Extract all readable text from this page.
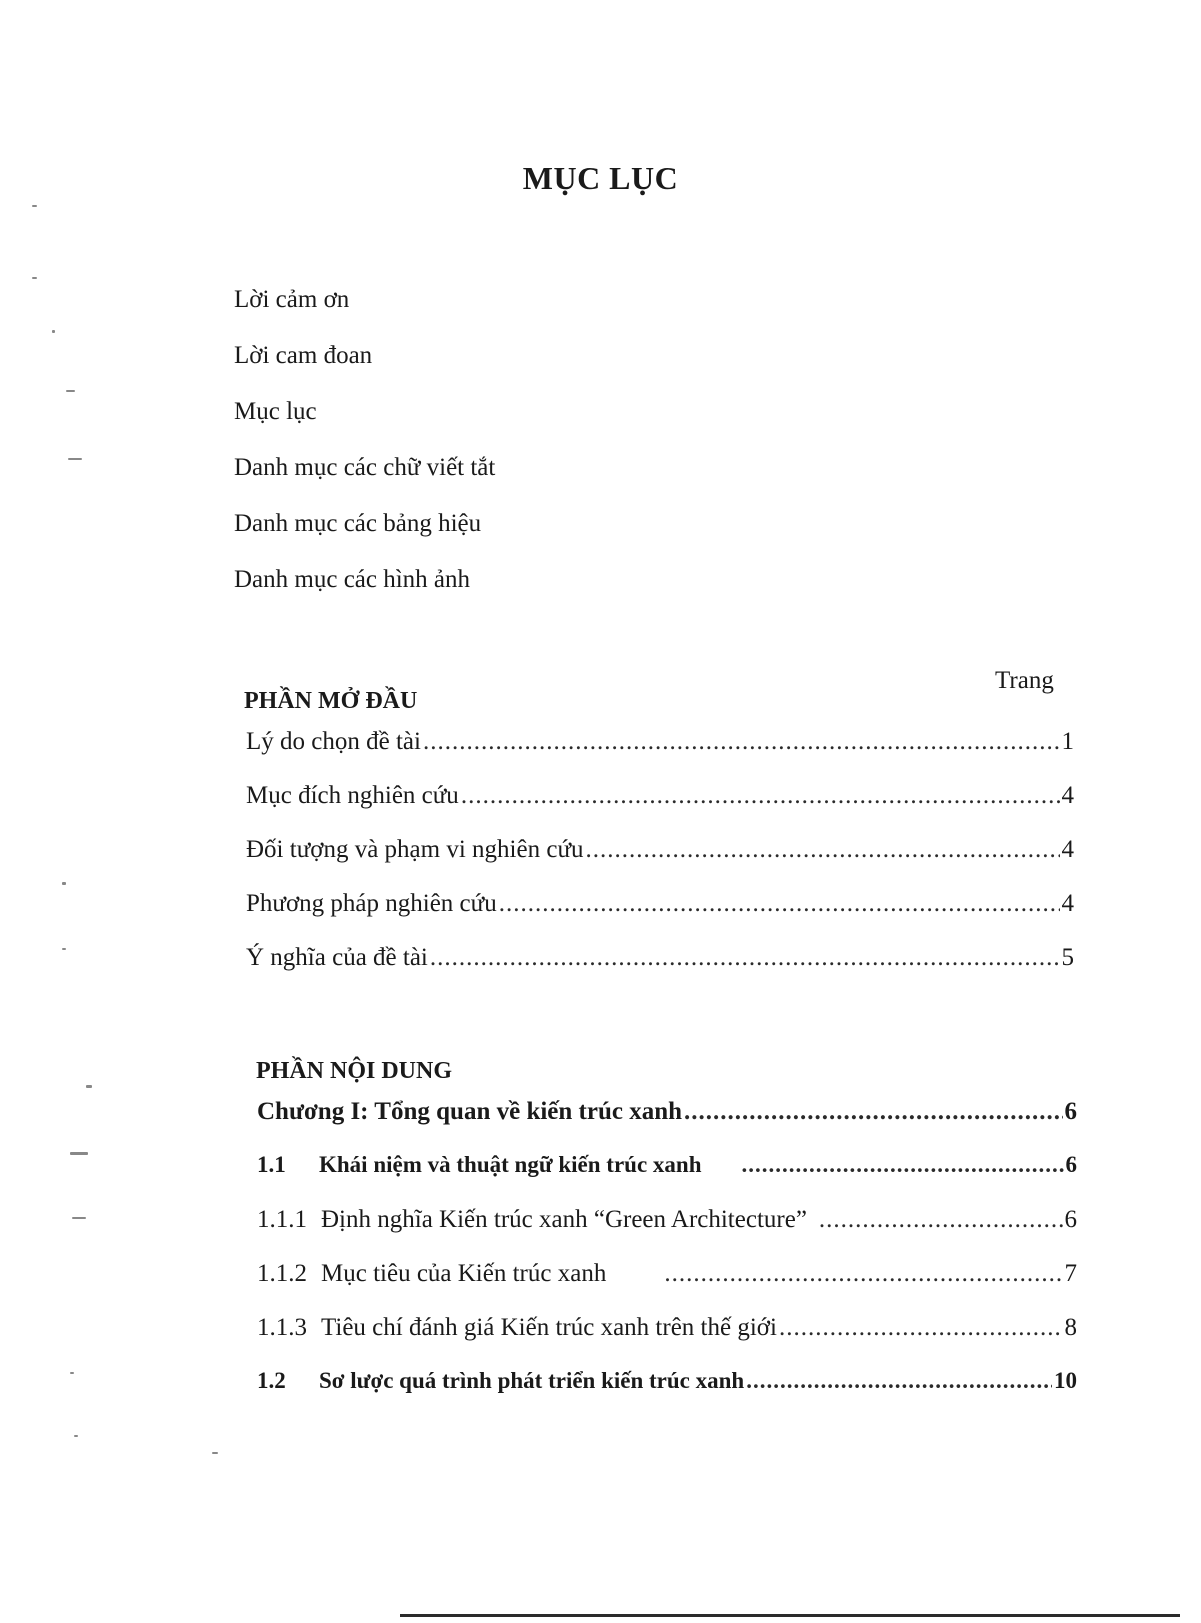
MỤC LỤC
Lời cảm ơn
Lời cam đoan
Mục lục
Danh mục các chữ viết tắt
Danh mục các bảng hiệu
Danh mục các hình ảnh
Trang
PHẦN MỞ ĐẦU
Lý do chọn đề tài .....	1
Mục đích nghiên cứu .....	4
Đối tượng và phạm vi nghiên cứu .....	4
Phương pháp nghiên cứu .....	4
Ý nghĩa của đề tài .....	5
PHẦN NỘI DUNG
Chương I: Tổng quan về kiến trúc xanh .....	6
1.1	Khái niệm và thuật ngữ kiến trúc xanh .....	6
1.1.1 Định nghĩa Kiến trúc xanh “Green Architecture” .....	6
1.1.2 Mục tiêu của Kiến trúc xanh .....	7
1.1.3 Tiêu chí đánh giá Kiến trúc xanh trên thế giới .....	8
1.2	Sơ lược quá trình phát triển kiến trúc xanh .....	10
